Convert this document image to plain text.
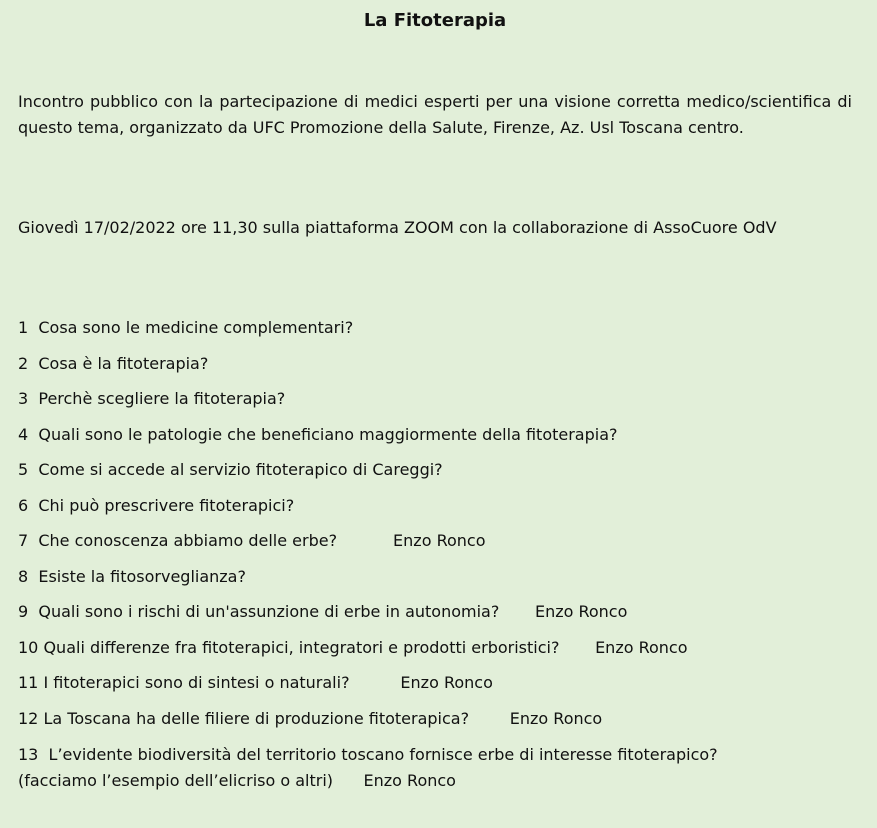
La Fitoterapia
Incontro pubblico con la partecipazione di medici esperti per una visione corretta medico/scientifica di questo tema, organizzato da UFC Promozione della Salute, Firenze, Az. Usl Toscana centro.
Giovedì 17/02/2022 ore 11,30 sulla piattaforma ZOOM con la collaborazione di AssoCuore OdV
1 Cosa sono le medicine complementari?
2 Cosa è la fitoterapia?
3 Perchè scegliere la fitoterapia?
4 Quali sono le patologie che beneficiano maggiormente della fitoterapia?
5 Come si accede al servizio fitoterapico di Careggi?
6 Chi può prescrivere fitoterapici?
7 Che conoscenza abbiamo delle erbe?	Enzo Ronco
8 Esiste la fitosorveglianza?
9 Quali sono i rischi di un'assunzione di erbe in autonomia? Enzo Ronco
10 Quali differenze fra fitoterapici, integratori e prodotti erboristici? Enzo Ronco
11 I fitoterapici sono di sintesi o naturali?	Enzo Ronco
12 La Toscana ha delle filiere di produzione fitoterapica?	Enzo Ronco
13 L’evidente biodiversità del territorio toscano fornisce erbe di interesse fitoterapico?
(facciamo l’esempio dell’elicriso o altri) Enzo Ronco
